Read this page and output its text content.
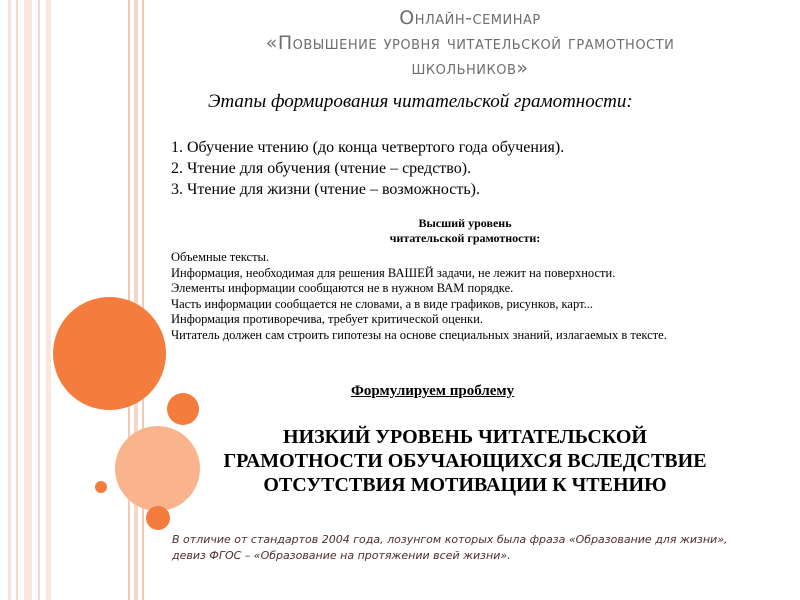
Онлайн-семинар
«Повышение уровня читательской грамотности
школьников»
Этапы формирования читательской грамотности:
1. Обучение чтению (до конца четвертого года обучения).
2. Чтение для обучения (чтение – средство).
3. Чтение для жизни (чтение – возможность).
Высший уровень
читательской грамотности:
Объемные тексты.
Информация, необходимая для решения ВАШЕЙ задачи, не лежит на поверхности.
Элементы информации сообщаются не в нужном ВАМ порядке.
Часть информации сообщается не словами, а в виде графиков, рисунков, карт...
Информация противоречива, требует критической оценки.
Читатель должен сам строить гипотезы на основе специальных знаний, излагаемых в тексте.
Формулируем проблему
НИЗКИЙ УРОВЕНЬ ЧИТАТЕЛЬСКОЙ
ГРАМОТНОСТИ ОБУЧАЮЩИХСЯ ВСЛЕДСТВИЕ
ОТСУТСТВИЯ МОТИВАЦИИ К ЧТЕНИЮ
В отличие от стандартов 2004 года, лозунгом которых была фраза «Образование для жизни», девиз ФГОС – «Образование на протяжении всей жизни».
